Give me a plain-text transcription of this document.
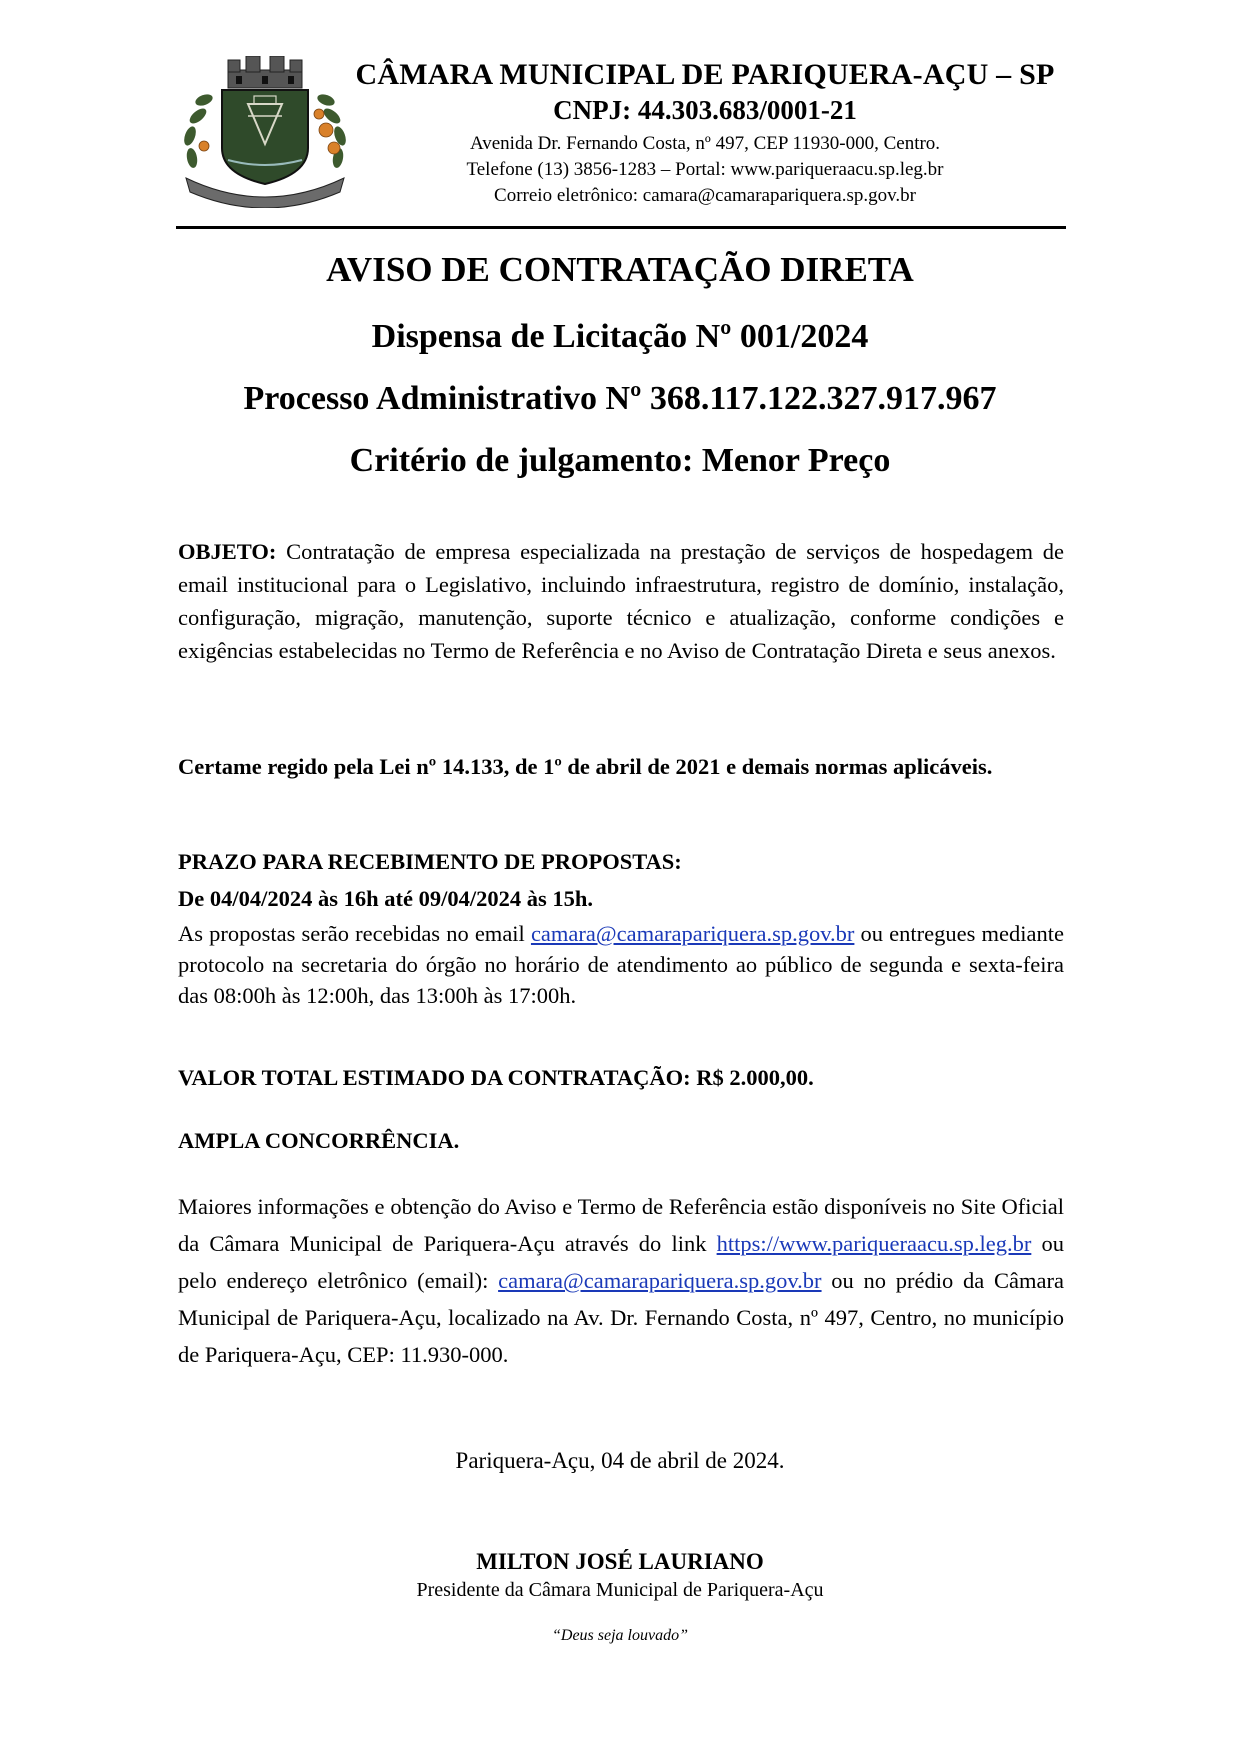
CÂMARA MUNICIPAL DE PARIQUERA-AÇU – SP
CNPJ: 44.303.683/0001-21
Avenida Dr. Fernando Costa, nº 497, CEP 11930-000, Centro.
Telefone (13) 3856-1283 – Portal: www.pariqueraacu.sp.leg.br
Correio eletrônico: camara@camarapariquera.sp.gov.br
AVISO DE CONTRATAÇÃO DIRETA
Dispensa de Licitação Nº 001/2024
Processo Administrativo Nº 368.117.122.327.917.967
Critério de julgamento: Menor Preço
OBJETO: Contratação de empresa especializada na prestação de serviços de hospedagem de email institucional para o Legislativo, incluindo infraestrutura, registro de domínio, instalação, configuração, migração, manutenção, suporte técnico e atualização, conforme condições e exigências estabelecidas no Termo de Referência e no Aviso de Contratação Direta e seus anexos.
Certame regido pela Lei nº 14.133, de 1º de abril de 2021 e demais normas aplicáveis.
PRAZO PARA RECEBIMENTO DE PROPOSTAS:
De 04/04/2024 às 16h até 09/04/2024 às 15h.
As propostas serão recebidas no email camara@camarapariquera.sp.gov.br ou entregues mediante protocolo na secretaria do órgão no horário de atendimento ao público de segunda e sexta-feira das 08:00h às 12:00h, das 13:00h às 17:00h.
VALOR TOTAL ESTIMADO DA CONTRATAÇÃO: R$ 2.000,00.
AMPLA CONCORRÊNCIA.
Maiores informações e obtenção do Aviso e Termo de Referência estão disponíveis no Site Oficial da Câmara Municipal de Pariquera-Açu através do link https://www.pariqueraacu.sp.leg.br ou pelo endereço eletrônico (email): camara@camarapariquera.sp.gov.br ou no prédio da Câmara Municipal de Pariquera-Açu, localizado na Av. Dr. Fernando Costa, nº 497, Centro, no município de Pariquera-Açu, CEP: 11.930-000.
Pariquera-Açu, 04 de abril de 2024.
MILTON JOSÉ LAURIANO
Presidente da Câmara Municipal de Pariquera-Açu
“Deus seja louvado”
